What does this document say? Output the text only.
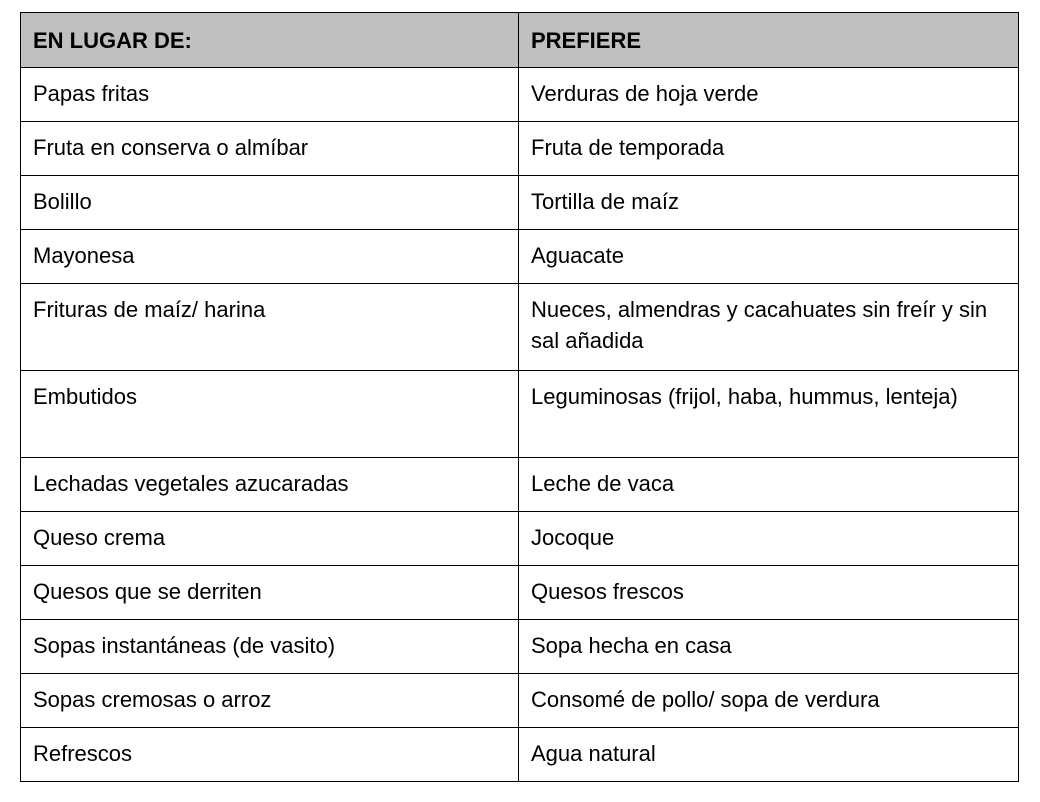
EN LUGAR DE:	PREFIERE
Papas fritas	Verduras de hoja verde
Fruta en conserva o almíbar	Fruta de temporada
Bolillo	Tortilla de maíz
Mayonesa	Aguacate
Frituras de maíz/ harina	Nueces, almendras y cacahuates sin freír y sin sal añadida
Embutidos	Leguminosas (frijol, haba, hummus, lenteja)
Lechadas vegetales azucaradas	Leche de vaca
Queso crema	Jocoque
Quesos que se derriten	Quesos frescos
Sopas instantáneas (de vasito)	Sopa hecha en casa
Sopas cremosas o arroz	Consomé de pollo/ sopa de verdura
Refrescos	Agua natural
